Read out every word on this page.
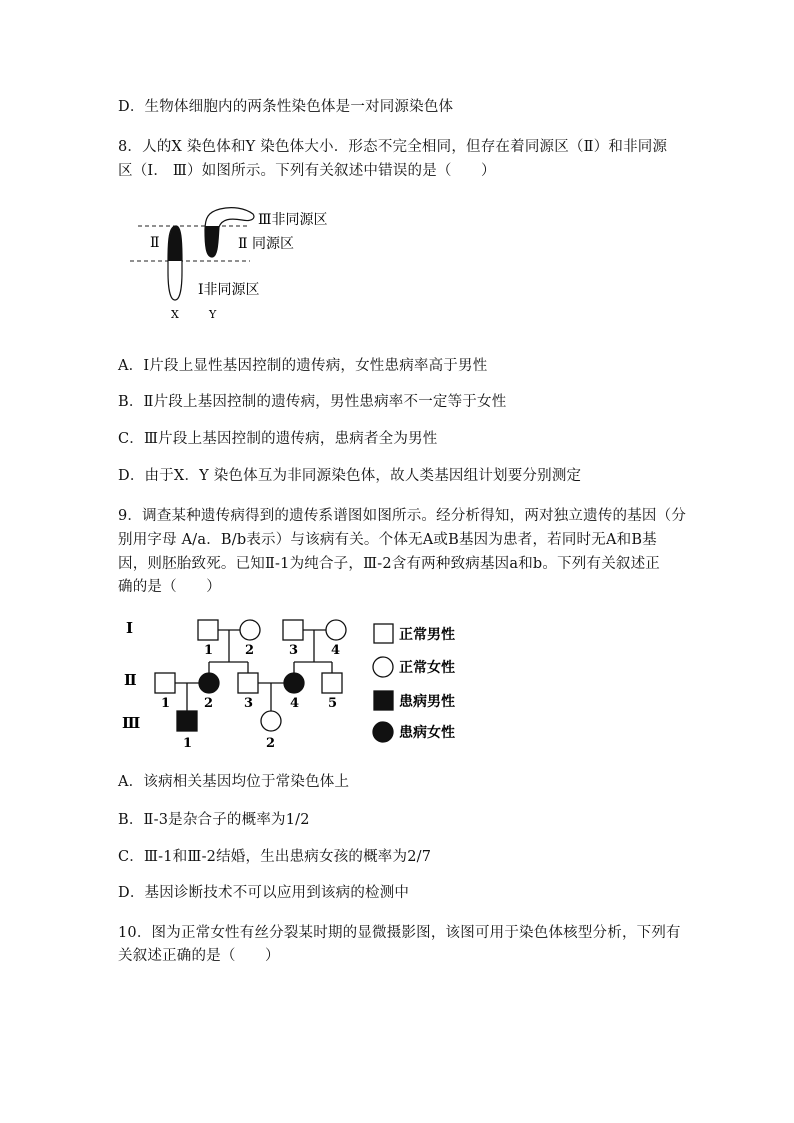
D．生物体细胞内的两条性染色体是一对同源染色体
8．人的X 染色体和Y 染色体大小．形态不完全相同，但存在着同源区（Ⅱ）和非同源
区（Ⅰ． Ⅲ）如图所示。下列有关叙述中错误的是（　　）
Ⅲ非同源区
Ⅱ	Ⅱ 同源区
Ⅰ非同源区
X	Y
A．Ⅰ片段上显性基因控制的遗传病，女性患病率高于男性
B．Ⅱ片段上基因控制的遗传病，男性患病率不一定等于女性
C．Ⅲ片段上基因控制的遗传病，患病者全为男性
D．由于X．Y 染色体互为非同源染色体，故人类基因组计划要分别测定
9．调查某种遗传病得到的遗传系谱图如图所示。经分析得知，两对独立遗传的基因（分
别用字母 A/a．B/b表示）与该病有关。个体无A或B基因为患者，若同时无A和B基
因，则胚胎致死。已知Ⅱ-1为纯合子，Ⅲ-2含有两种致病基因a和b。下列有关叙述正
确的是（　　）
Ⅰ
Ⅱ
Ⅲ
1 2	3	4
1	2 3	4 5
1	2
正常男性
正常女性
患病男性
患病女性
A．该病相关基因均位于常染色体上
B．Ⅱ-3是杂合子的概率为1/2
C．Ⅲ-1和Ⅲ-2结婚，生出患病女孩的概率为2/7
D．基因诊断技术不可以应用到该病的检测中
10．图为正常女性有丝分裂某时期的显微摄影图，该图可用于染色体核型分析，下列有
关叙述正确的是（　　）
